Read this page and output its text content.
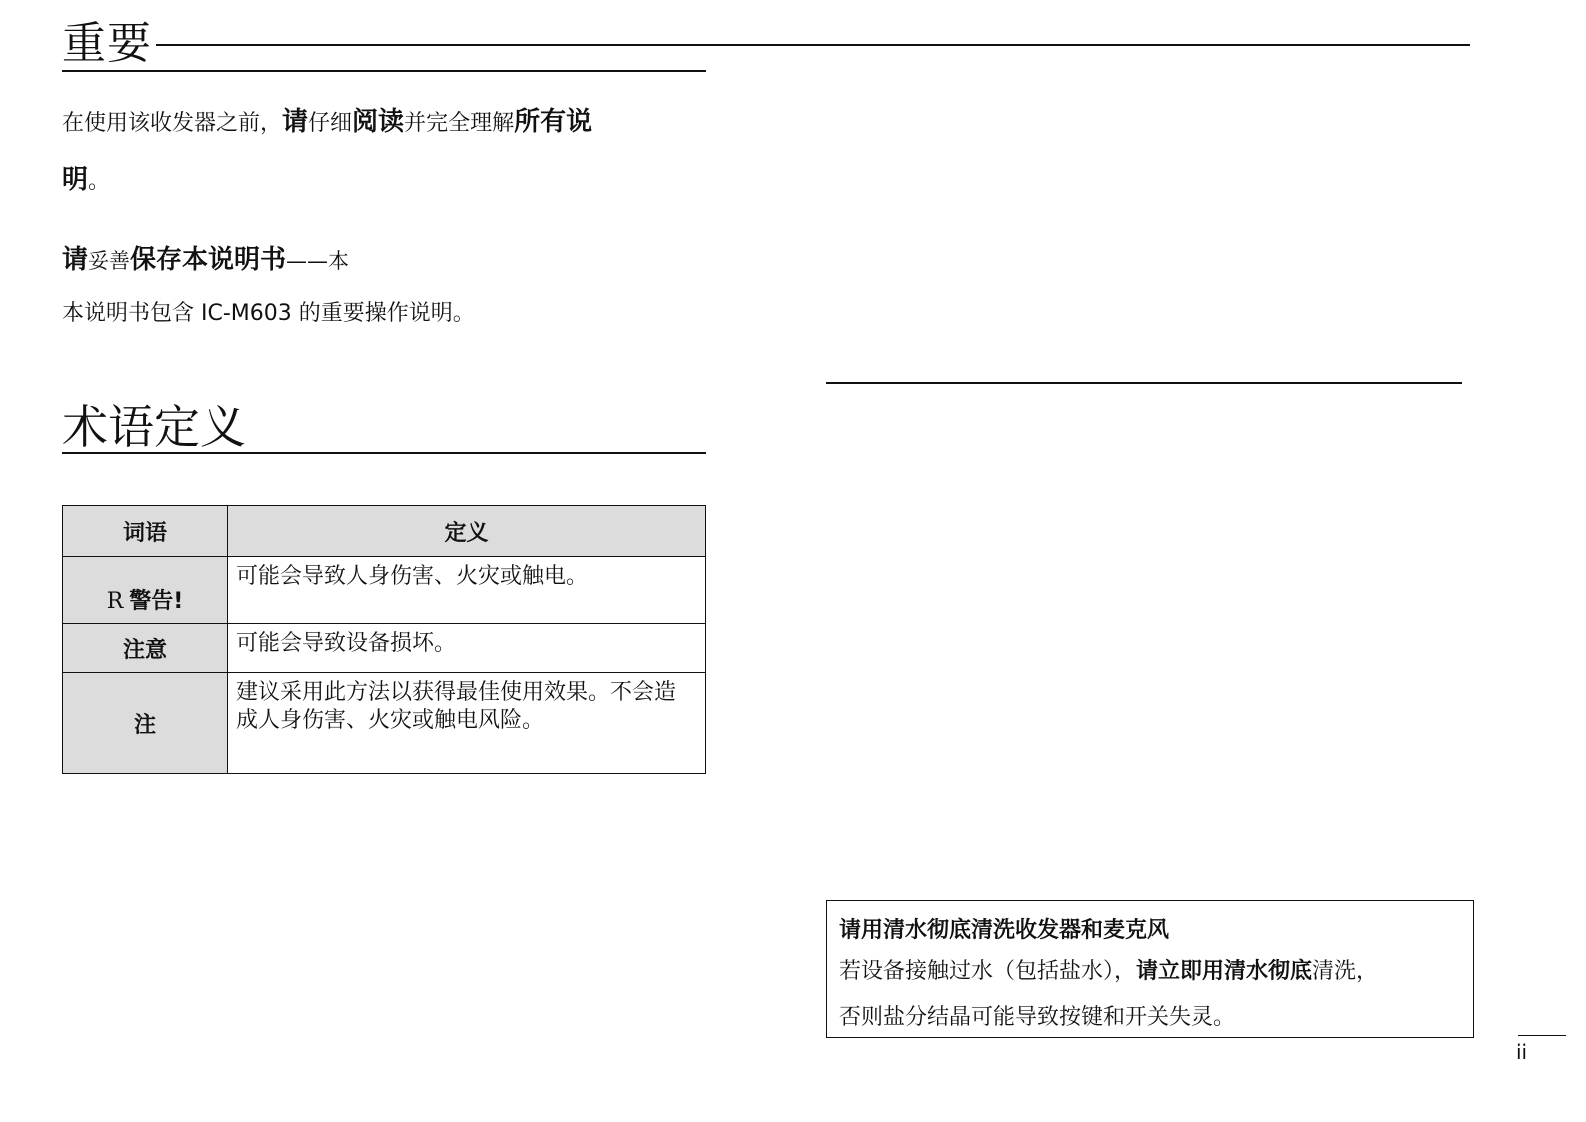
重要
在使用该收发器之前，请仔细阅读并完全理解所有说
明。
请妥善保存本说明书——本
本说明书包含 IC-M603 的重要操作说明。
术语定义
词语	定义
R 警告!	可能会导致人身伤害、火灾或触电。
注意	可能会导致设备损坏。
注	建议采用此方法以获得最佳使用效果。不会造成人身伤害、火灾或触电风险。
请用清水彻底清洗收发器和麦克风
若设备接触过水（包括盐水），请立即用清水彻底清洗，
否则盐分结晶可能导致按键和开关失灵。
ii
